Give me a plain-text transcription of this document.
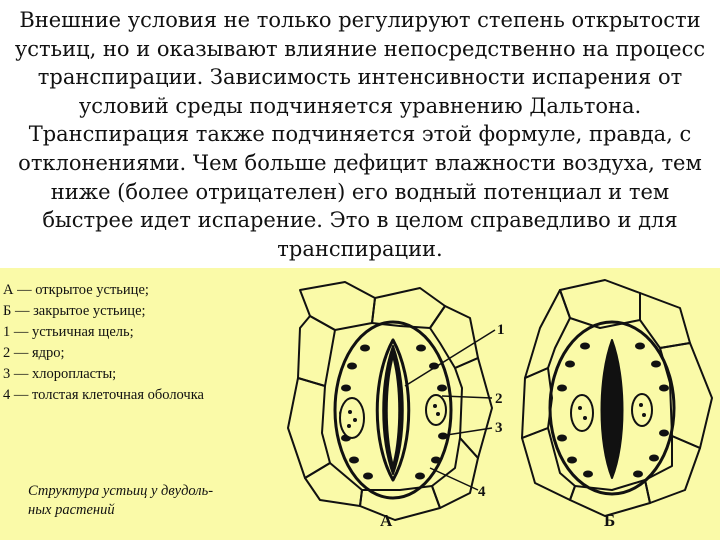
Внешние условия не только регулируют степень открытости
устьиц, но и оказывают влияние непосредственно на процесс
транспирации. Зависимость интенсивности испарения от
условий среды подчиняется уравнению Дальтона.
Транспирация также подчиняется этой формуле, правда, с
отклонениями. Чем больше дефицит влажности воздуха, тем
ниже (более отрицателен) его водный потенциал и тем
быстрее идет испарение. Это в целом справедливо и для
транспирации.
1
2
3
4
А	Б
А — открытое устьице;
Б — закрытое устьице;
1 — устьичная щель;
2 — ядро;
3 — хлоропласты;
4 — толстая клеточная оболочка
Структура устьиц у двудоль-
ных растений
